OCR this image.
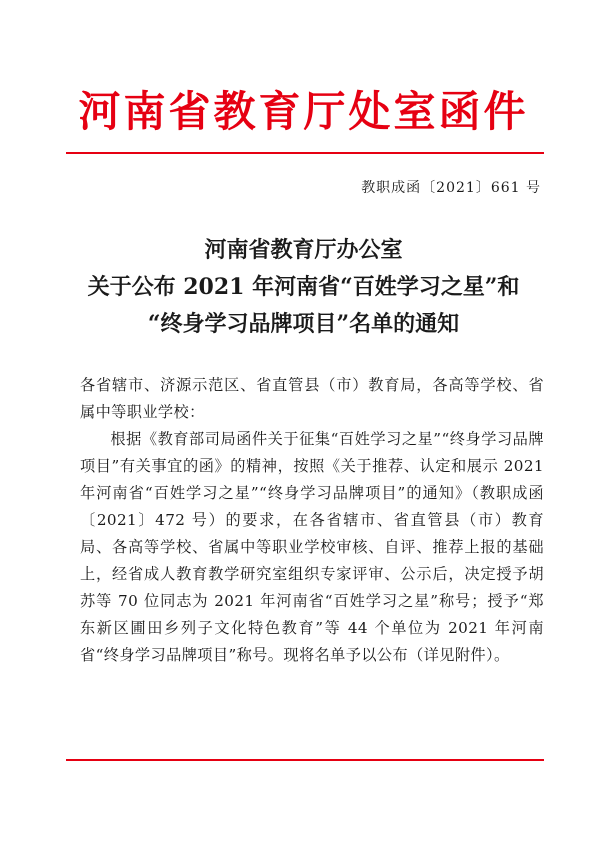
河南省教育厅处室函件
教职成函〔2021〕661 号
河南省教育厅办公室
关于公布 2021 年河南省“百姓学习之星”和
“终身学习品牌项目”名单的通知

各省辖市、济源示范区、省直管县（市）教育局，各高等学校、省属中等职业学校：

根据《教育部司局函件关于征集“百姓学习之星”“终身学习品牌项目”有关事宜的函》的精神，按照《关于推荐、认定和展示 2021 年河南省“百姓学习之星”“终身学习品牌项目”的通知》（教职成函〔2021〕472 号）的要求，在各省辖市、省直管县（市）教育局、各高等学校、省属中等职业学校审核、自评、推荐上报的基础上，经省成人教育教学研究室组织专家评审、公示后，决定授予胡苏等 70 位同志为 2021 年河南省“百姓学习之星”称号；授予“郑东新区圃田乡列子文化特色教育”等 44 个单位为 2021 年河南省“终身学习品牌项目”称号。现将名单予以公布（详见附件）。
